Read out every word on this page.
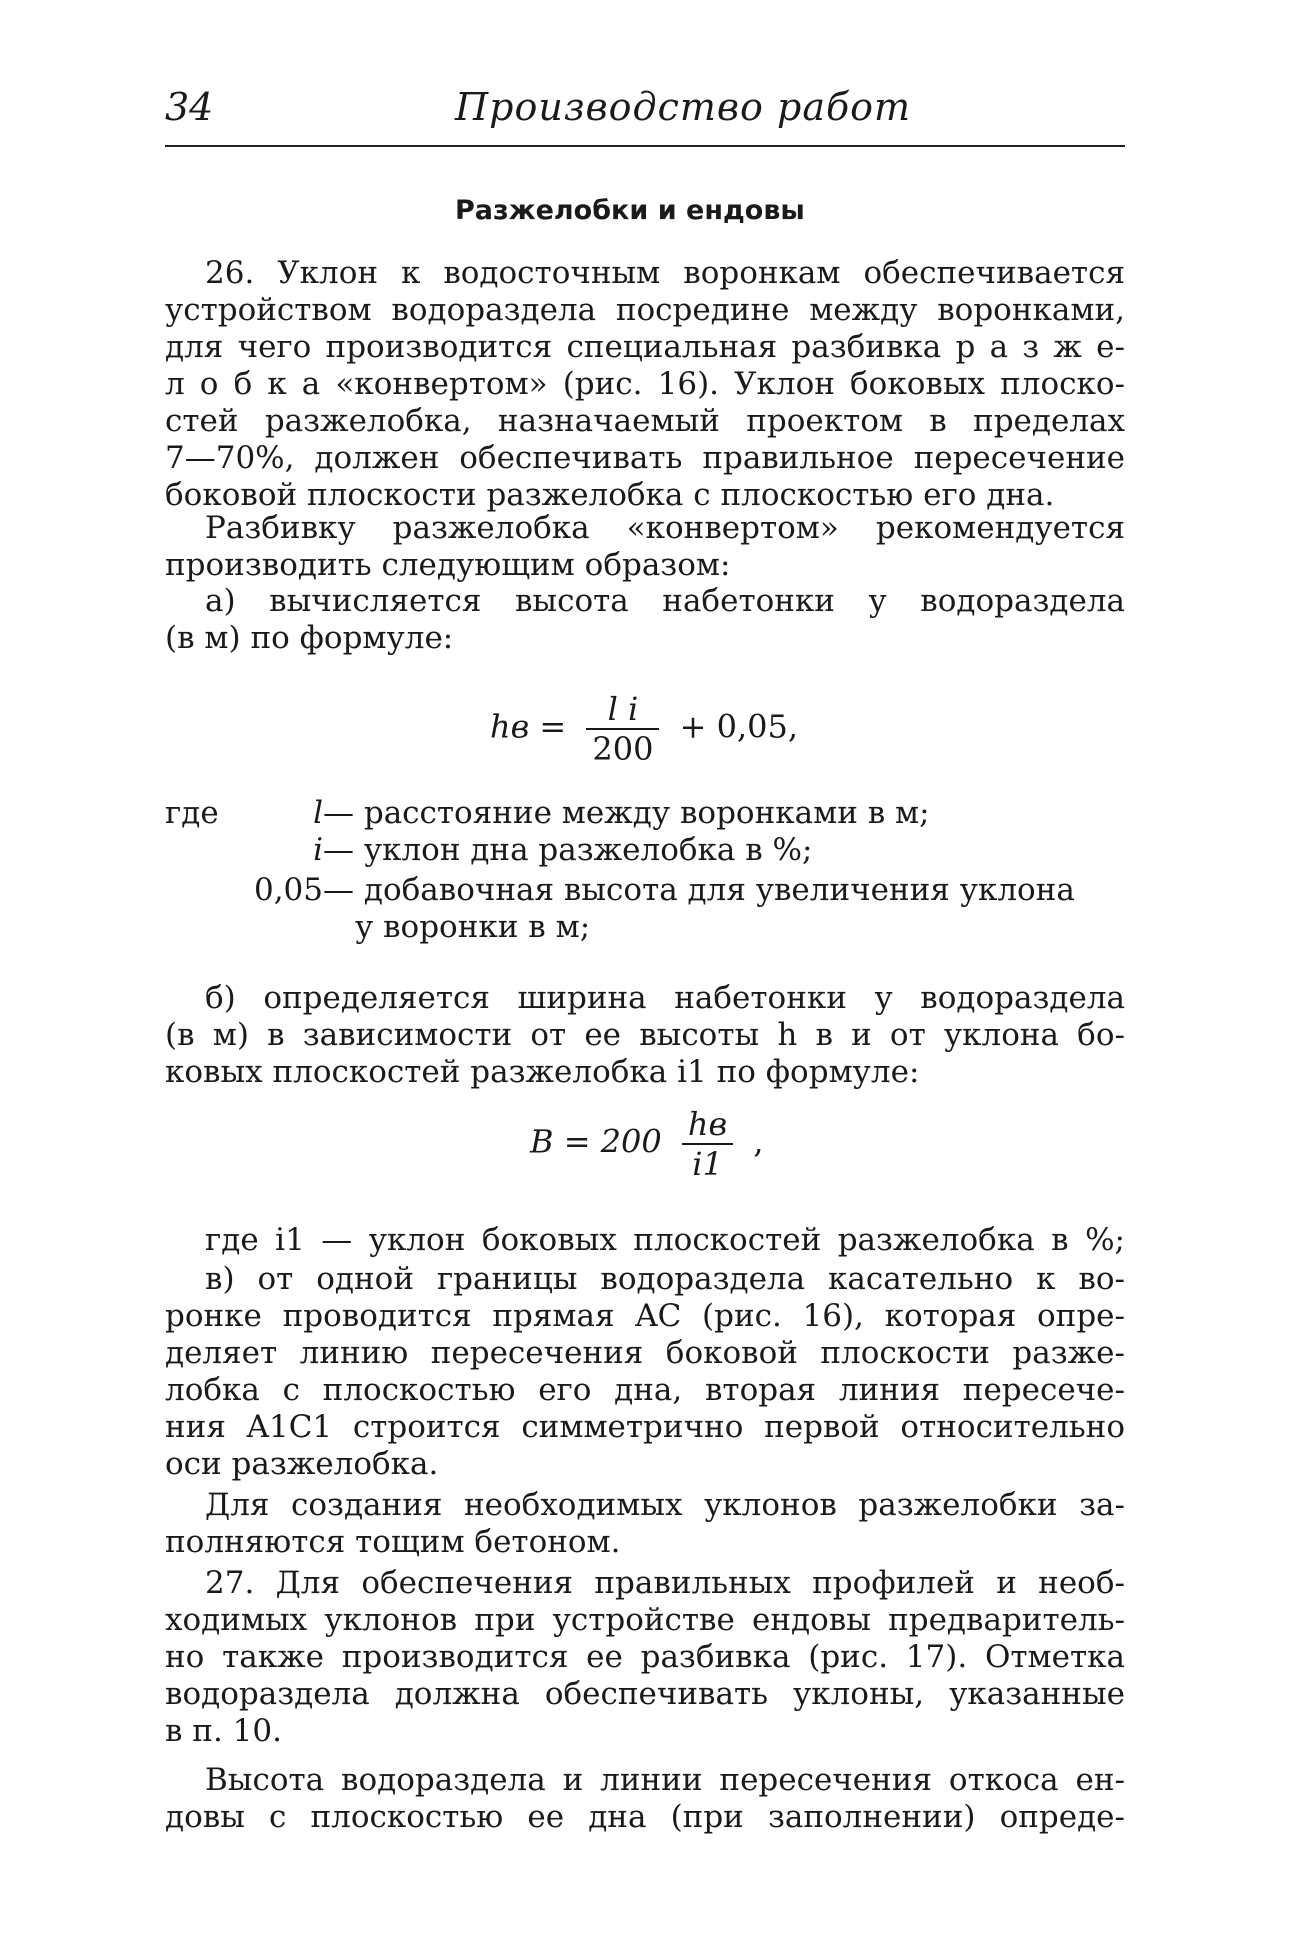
34	Производство работ
Разжелобки и ендовы
26. Уклон к водосточным воронкам обеспечивается
устройством водораздела посредине между воронками,
для чего производится специальная разбивка р а з ж е-
л о б к а «конвертом» (рис. 16). Уклон боковых плоско-
стей разжелобка, назначаемый проектом в пределах
7—70%, должен обеспечивать правильное пересечение
боковой плоскости разжелобка с плоскостью его дна.
Разбивку разжелобка «конвертом» рекомендуется
производить следующим образом:
а) вычисляется высота набетонки у водораздела
(в м) по формуле:
hв = $\frac{\text{l i}}{200} + 0,05$,
где	l — расстояние между воронками в м;
i — уклон дна разжелобка в %;
0,05 — добавочная высота для увеличения уклона
у воронки в м;
б) определяется ширина набетонки у водораздела
(в м) в зависимости от ее высоты h в и от уклона бо-
ковых плоскостей разжелобка i1 по формуле:
$B = 200 \frac{hв}{i1}$ ,
где i1 — уклон боковых плоскостей разжелобка в %;
в) от одной границы водораздела касательно к во-
ронке проводится прямая AC (рис. 16), которая опре-
деляет линию пересечения боковой плоскости разже-
лобка с плоскостью его дна, вторая линия пересече-
ния A1C1 строится симметрично первой относительно
оси разжелобка.
Для создания необходимых уклонов разжелобки за-
полняются тощим бетоном.
27. Для обеспечения правильных профилей и необ-
ходимых уклонов при устройстве ендовы предваритель-
но также производится ее разбивка (рис. 17). Отметка
водораздела должна обеспечивать уклоны, указанные
в п. 10.
Высота водораздела и линии пересечения откоса ен-
довы с плоскостью ее дна (при заполнении) опреде-
